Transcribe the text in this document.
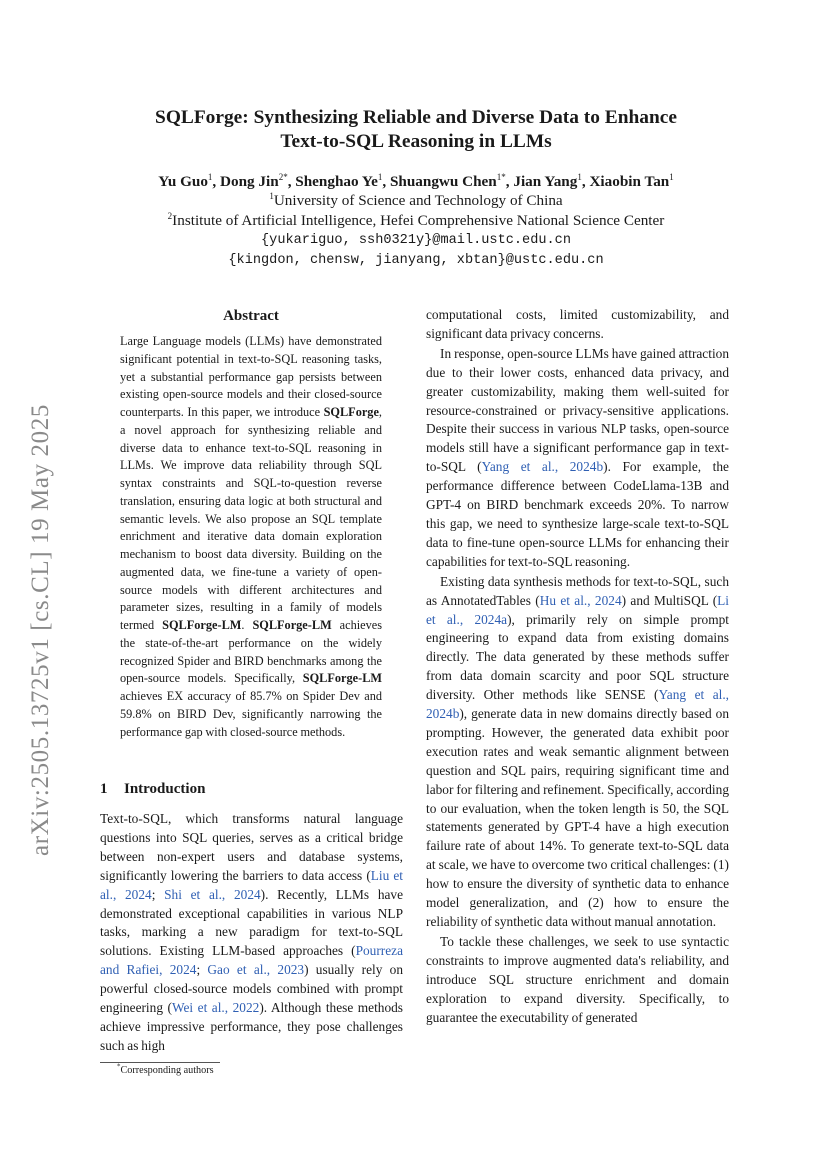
arXiv:2505.13725v1 [cs.CL] 19 May 2025
SQLForge: Synthesizing Reliable and Diverse Data to Enhance
Text-to-SQL Reasoning in LLMs
Yu Guo$^1$, Dong Jin$^{2*}$, Shenghao Ye$^1$, Shuangwu Chen$^{1*}$, Jian Yang$^1$, Xiaobin Tan$^1$
$^1$University of Science and Technology of China
$^2$Institute of Artificial Intelligence, Hefei Comprehensive National Science Center
{yukariguo, ssh0321y}@mail.ustc.edu.cn
{kingdon, chensw, jianyang, xbtan}@ustc.edu.cn
Abstract

Large Language models (LLMs) have demonstrated significant potential in text-to-SQL reasoning tasks, yet a substantial performance gap persists between existing open-source models and their closed-source counterparts. In this paper, we introduce SQLForge, a novel approach for synthesizing reliable and diverse data to enhance text-to-SQL reasoning in LLMs. We improve data reliability through SQL syntax constraints and SQL-to-question reverse translation, ensuring data logic at both structural and semantic levels. We also propose an SQL template enrichment and iterative data domain exploration mechanism to boost data diversity. Building on the augmented data, we fine-tune a variety of open-source models with different architectures and parameter sizes, resulting in a family of models termed SQLForge-LM. SQLForge-LM achieves the state-of-the-art performance on the widely recognized Spider and BIRD benchmarks among the open-source models. Specifically, SQLForge-LM achieves EX accuracy of 85.7% on Spider Dev and 59.8% on BIRD Dev, significantly narrowing the performance gap with closed-source methods.

1 Introduction

Text-to-SQL, which transforms natural language questions into SQL queries, serves as a critical bridge between non-expert users and database systems, significantly lowering the barriers to data access (Liu et al., 2024; Shi et al., 2024). Recently, LLMs have demonstrated exceptional capabilities in various NLP tasks, marking a new paradigm for text-to-SQL solutions. Existing LLM-based approaches (Pourreza and Rafiei, 2024; Gao et al., 2023) usually rely on powerful closed-source models combined with prompt engineering (Wei et al., 2022). Although these methods achieve impressive performance, they pose challenges such as high

*Corresponding authors

computational costs, limited customizability, and significant data privacy concerns.

In response, open-source LLMs have gained attraction due to their lower costs, enhanced data privacy, and greater customizability, making them well-suited for resource-constrained or privacy-sensitive applications. Despite their success in various NLP tasks, open-source models still have a significant performance gap in text-to-SQL (Yang et al., 2024b). For example, the performance difference between CodeLlama-13B and GPT-4 on BIRD benchmark exceeds 20%. To narrow this gap, we need to synthesize large-scale text-to-SQL data to fine-tune open-source LLMs for enhancing their capabilities for text-to-SQL reasoning.

Existing data synthesis methods for text-to-SQL, such as AnnotatedTables (Hu et al., 2024) and MultiSQL (Li et al., 2024a), primarily rely on simple prompt engineering to expand data from existing domains directly. The data generated by these methods suffer from data domain scarcity and poor SQL structure diversity. Other methods like SENSE (Yang et al., 2024b), generate data in new domains directly based on prompting. However, the generated data exhibit poor execution rates and weak semantic alignment between question and SQL pairs, requiring significant time and labor for filtering and refinement. Specifically, according to our evaluation, when the token length is 50, the SQL statements generated by GPT-4 have a high execution failure rate of about 14%. To generate text-to-SQL data at scale, we have to overcome two critical challenges: (1) how to ensure the diversity of synthetic data to enhance model generalization, and (2) how to ensure the reliability of synthetic data without manual annotation.

To tackle these challenges, we seek to use syntactic constraints to improve augmented data's reliability, and introduce SQL structure enrichment and domain exploration to expand diversity. Specifically, to guarantee the executability of generated
